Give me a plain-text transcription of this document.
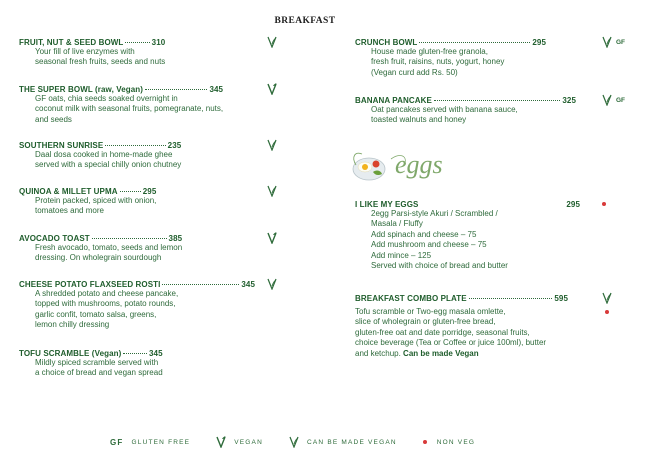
BREAKFAST
FRUIT, NUT & SEED BOWL	310
Your fill of live enzymes with
seasonal fresh fruits, seeds and nuts
THE SUPER BOWL (raw, Vegan)	345
GF oats, chia seeds soaked overnight in
coconut milk with seasonal fruits, pomegranate, nuts,
and seeds
SOUTHERN SUNRISE	235
Daal dosa cooked in home-made ghee
served with a special chilly onion chutney
QUINOA & MILLET UPMA	295
Protein packed, spiced with onion,
tomatoes and more
AVOCADO TOAST	385
Fresh avocado, tomato, seeds and lemon
dressing. On wholegrain sourdough
CHEESE POTATO FLAXSEED ROSTI	345
A shredded potato and cheese pancake,
topped with mushrooms, potato rounds,
garlic confit, tomato salsa, greens,
lemon chilly dressing
TOFU SCRAMBLE (Vegan)	345
Mildly spiced scramble served with
a choice of bread and vegan spread
CRUNCH BOWL	295
House made gluten-free granola,
fresh fruit, raisins, nuts, yogurt, honey
(Vegan curd add Rs. 50)
GF
BANANA PANCAKE	325
Oat pancakes served with banana sauce,
toasted walnuts and honey
GF
I LIKE MY EGGS	295
2egg Parsi-style Akuri / Scrambled /
Masala / Fluffy
Add spinach and cheese – 75
Add mushroom and cheese – 75
Add mince – 125
Served with choice of bread and butter
BREAKFAST COMBO PLATE	595
Tofu scramble or Two-egg masala omlette,
slice of wholegrain or gluten-free bread,
gluten-free oat and date porridge, seasonal fruits,
choice beverage (Tea or Coffee or juice 100ml), butter
and ketchup. Can be made Vegan
eggs
GF GLUTEN FREE	VEGAN	CAN BE MADE VEGAN	NON VEG
